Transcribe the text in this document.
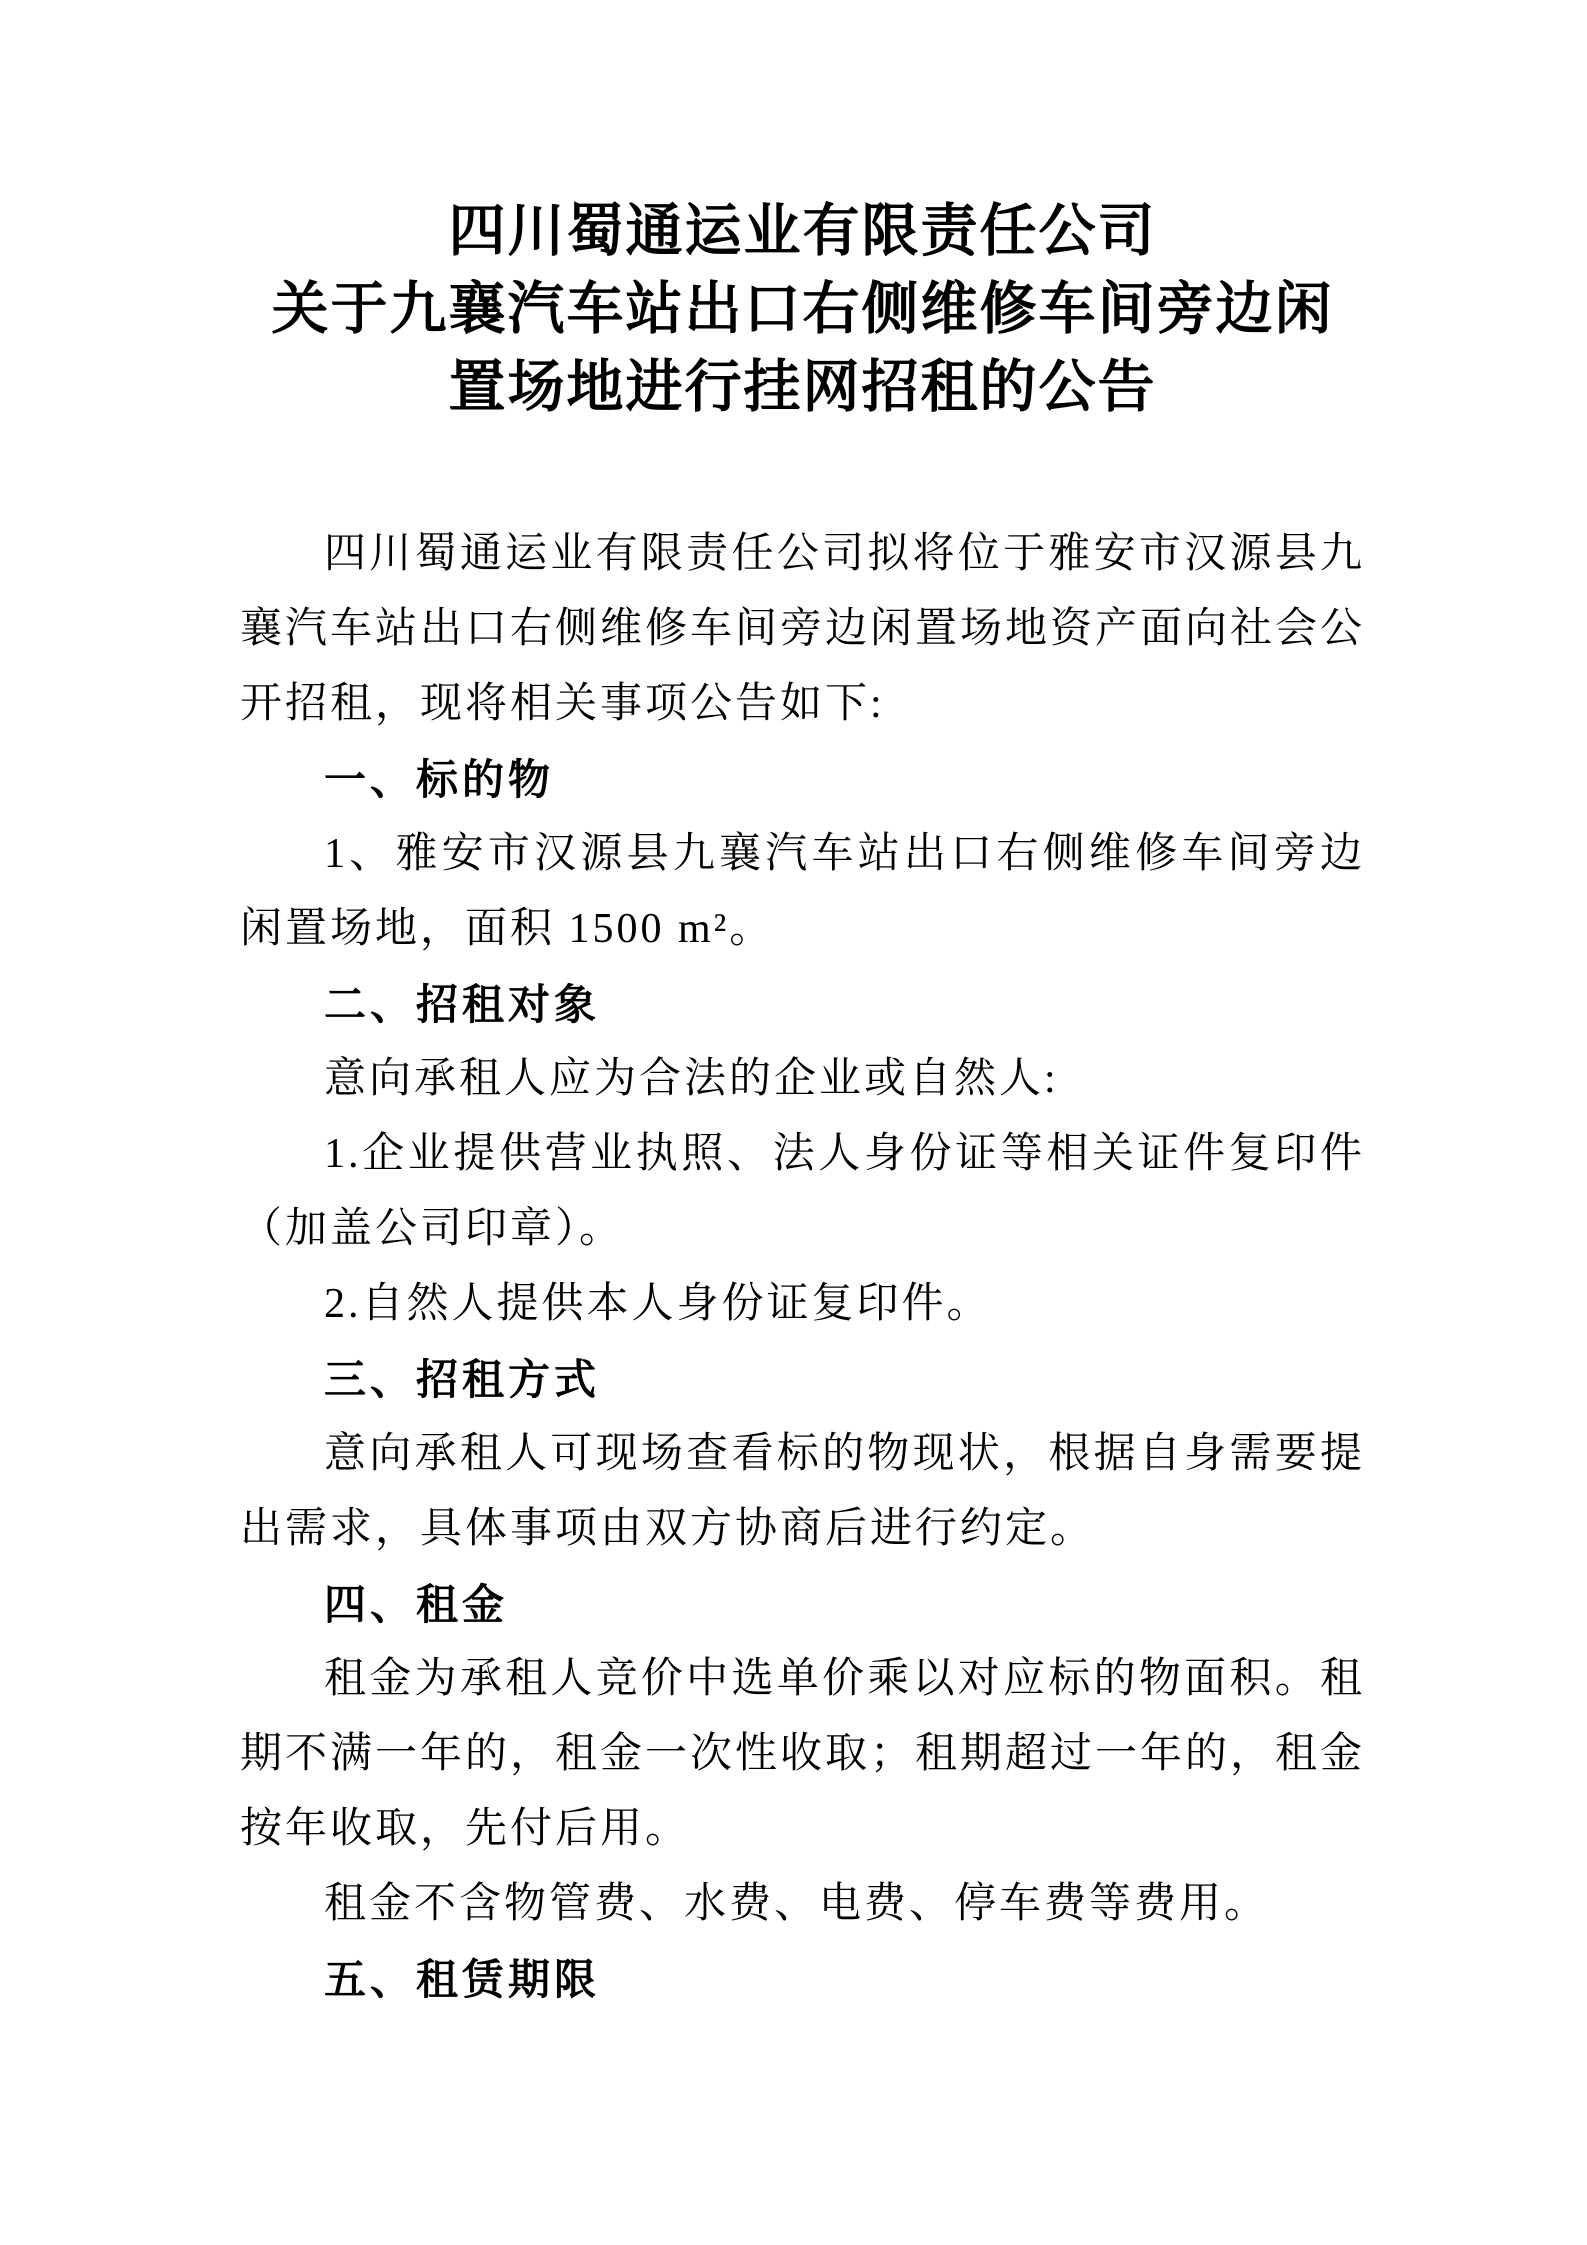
四川蜀通运业有限责任公司
关于九襄汽车站出口右侧维修车间旁边闲
置场地进行挂网招租的公告

四川蜀通运业有限责任公司拟将位于雅安市汉源县九襄汽车站出口右侧维修车间旁边闲置场地资产面向社会公开招租，现将相关事项公告如下:

一、标的物

1、雅安市汉源县九襄汽车站出口右侧维修车间旁边闲置场地，面积 1500 m²。

二、招租对象

意向承租人应为合法的企业或自然人:

1.企业提供营业执照、法人身份证等相关证件复印件（加盖公司印章）。

2.自然人提供本人身份证复印件。

三、招租方式

意向承租人可现场查看标的物现状，根据自身需要提出需求，具体事项由双方协商后进行约定。

四、租金

租金为承租人竞价中选单价乘以对应标的物面积。租期不满一年的，租金一次性收取；租期超过一年的，租金按年收取，先付后用。

租金不含物管费、水费、电费、停车费等费用。

五、租赁期限
